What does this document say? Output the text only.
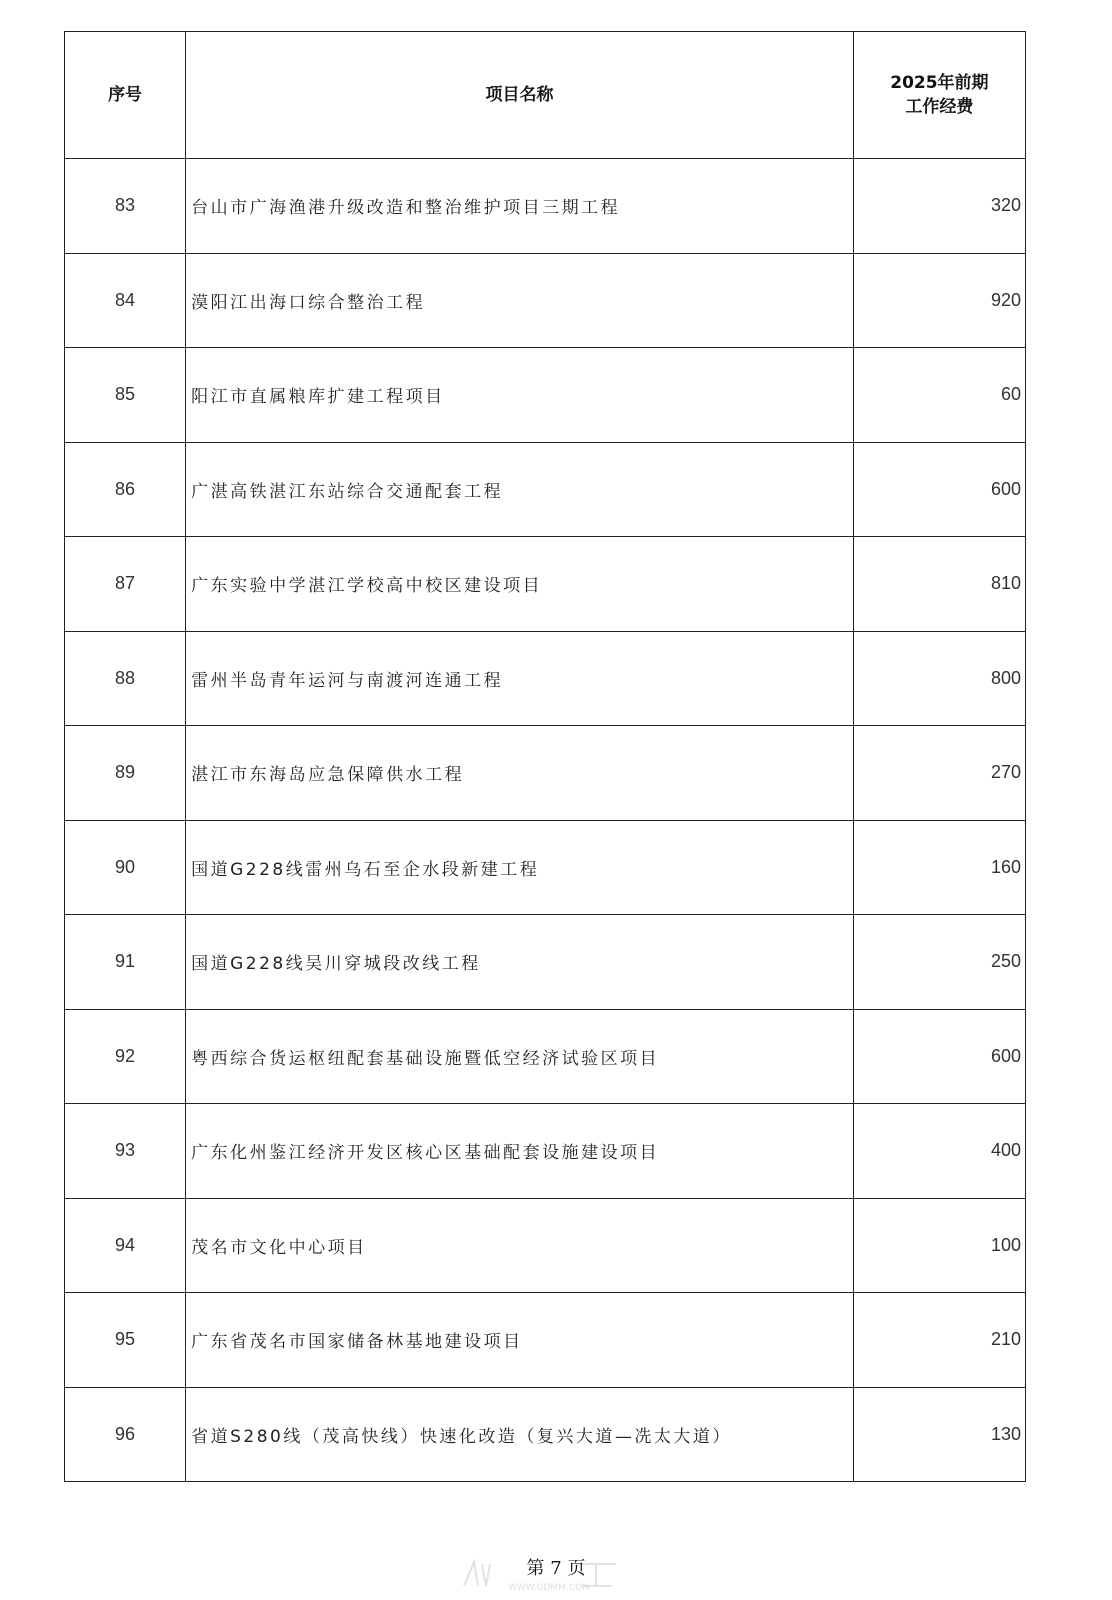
序号	项目名称	2025年前期
工作经费

83	台山市广海渔港升级改造和整治维护项目三期工程	320
84	漠阳江出海口综合整治工程	920
85	阳江市直属粮库扩建工程项目	60
86	广湛高铁湛江东站综合交通配套工程	600
87	广东实验中学湛江学校高中校区建设项目	810
88	雷州半岛青年运河与南渡河连通工程	800
89	湛江市东海岛应急保障供水工程	270
90	国道G228线雷州乌石至企水段新建工程	160
91	国道G228线吴川穿城段改线工程	250
92	粤西综合货运枢纽配套基础设施暨低空经济试验区项目	600
93	广东化州鉴江经济开发区核心区基础配套设施建设项目	400
94	茂名市文化中心项目	100
95	广东省茂名市国家储备林基地建设项目	210
96	省道S280线（茂高快线）快速化改造（复兴大道—冼太大道）	130
WWW.GDMM.COM
第 7 页
